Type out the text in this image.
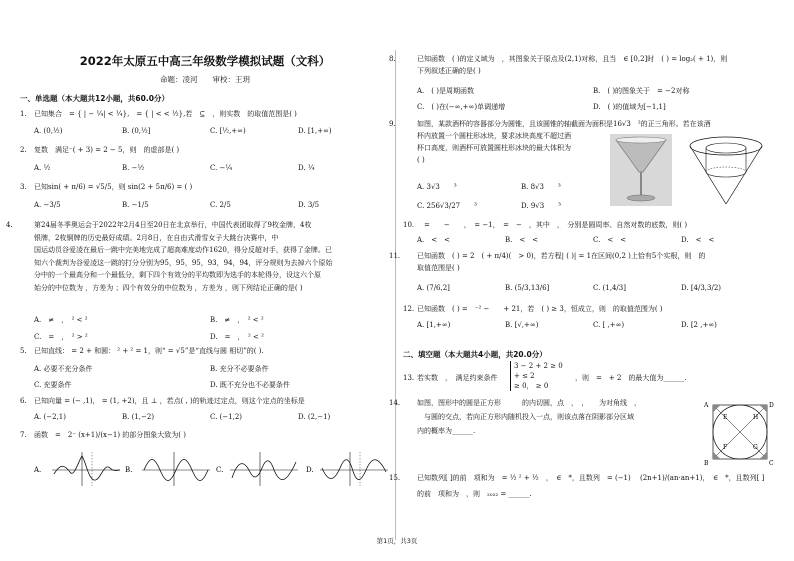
2022年太原五中高三年级数学模拟试题（文科）
命题：凌河　　审校：王玥
一、单选题（本大题共12小题，共60.0分）
1. 已知集合　= { | − ¼| < ¼},　= { | < < ½},若　⊆　，则实数　的取值范围是( )
A. (0,½)	B. (0,½]	C. [½,+∞)	D. [1,+∞)
2. 复数　满足⁻( + 3) = 2 − 5，则　的虚部是( )
A. ½	B. −½	C. −¼	D. ¼
3. 已知sin( + π/6) = √5/5，则 sin(2 + 5π/6) = ( )
A. −3/5	B. −1/5	C. 2/5	D. 3/5
4.	第24届冬季奥运会于2022年2月4日至20日在北京举行，中国代表团取得了9枚金牌，4枚
银牌，2枚铜牌的历史最好成绩。2月8日，在自由式滑雪女子大跳台决赛中，中
国运动员谷爱凌在最后一跳中完美地完成了超高难度动作1620，得分反超对手，获得了金牌。已
知六个裁判为谷爱凌这一跳的打分分别为95，95，95，93，94，94，评分规则为去掉六个原始
分中的一个最高分和一个最低分，剩下四个有效分的平均数即为选手的本轮得分，设这六个原
始分的中位数为 ，方差为 ；四个有效分的中位数为 ，方差为 ，则下列结论正确的是( )
A.　≠　，　² < ²	B.　≠　，　² < ²
C.　=　，　² > ²	D.　=　，　² < ²
5. 已知直线： = 2 + 和圆： ² + ² = 1，则“ = √5”是“直线与圆 相切”的( ).
A. 必要不充分条件	B. 充分不必要条件
C. 充要条件	D. 既不充分也不必要条件
6. 已知向量 = (− ,1)， = (1, +2)，且 ⊥ ，若点( , )的轨迹过定点，则这个定点的坐标是
A. (−2,1)	B. (1,−2)	C. (−1,2)	D. (2,−1)
7. 函数　=　2⁻ (x+1)/(x−1) 的部分图象大致为( )
A.	B.	C.	D.
8.	已知函数　( )的定义域为　，其图象关于原点及(2,1)对称，且当　∈ [0,2]时　( ) = log₂( + 1)，则
下列叙述正确的是( )
A.　( )是周期函数	B.　( )的图象关于　= −2对称
C.　( )在(−∞,+∞)单调递增	D.　( )的值域为[−1,1]
9.	如图，某款酒杯的容器部分为圆锥，且该圆锥的轴截面为面积是16√3　²的正三角形。若在该酒
杯内放置一个圆柱形冰块，要求冰块高度不超过酒
杯口高度，则酒杯可放置圆柱形冰块的最大体积为
( )
A. 3√3　　³	B. 8√3　　³
C. 256√3/27　　³	D. 9√3　　³
10.　=　　−　　，　= −1，　=　−　，其中　，　分别是圆周率、自然对数的底数，则( )
A.　<　<	B.　<　<	C.　<　<	D.　<　<
11. 已知函数　( ) = 2　( + π/4)(　> 0)，若方程| ( )| = 1在区间(0,2 )上恰有5个实根，则　的
取值范围是( )
A. (7/6,2]	B. (5/3,13/6]	C. (1,4/3]	D. [4/3,3/2)
12. 已知函数　( ) =　⁻² −　　+ 21，若　( ) ≥ 3，恒成立，则　的取值范围为( )
A. [1,+∞)	B. [√,+∞)	C. [ ,+∞)	D. [2 ,+∞)
二、填空题（本大题共4小题，共20.0分）
13. 若实数　，　满足约束条件
3 − 2 + 2 ≥ 0
+ ≤ 2
≥ 0， ≥ 0
，则　=　+ 2　的最大值为______.
14. 如图，图形中的圆是正方形　　　的内切圆，点　，　，　　为对角线　，
　与圆的交点，若向正方形内随机投入一点，则该点落在阴影部分区域
内的概率为______.
A	D
B	C
E	H
F	G
15. 已知数列[ ]的前　项和为　= ½ ² + ½　，　∈　*，且数列　= (−1)　 (2n+1)/(an·an+1)，　∈　*，且数列[ ]
的前　项和为　，则　₂₀₂₂ = ______.
第1页，共3页
